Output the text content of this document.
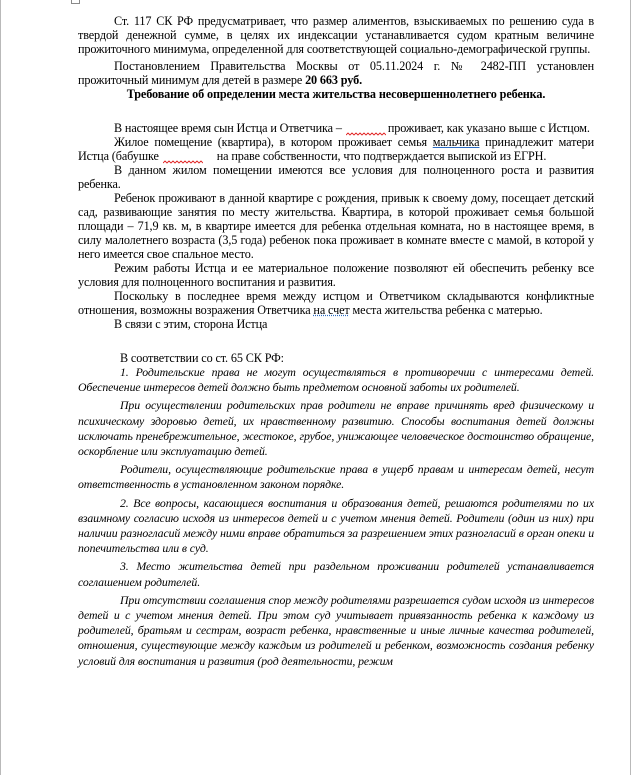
Ст. 117 СК РФ предусматривает, что размер алиментов, взыскиваемых по решению суда в твердой денежной сумме, в целях их индексации устанавливается судом кратным величине прожиточного минимума, определенной для соответствующей социально-демографической группы.

Постановлением Правительства Москвы от 05.11.2024 г. № 2482-ПП установлен прожиточный минимум для детей в размере 20 663 руб.

Требование об определении места жительства несовершеннолетнего ребенка.

В настоящее время сын Истца и Ответчика –	проживает, как указано выше с Истцом.

Жилое помещение (квартира), в котором проживает семья мальчика принадлежит матери Истца (бабушке	на праве собственности, что подтверждается выпиской из ЕГРН.

В данном жилом помещении имеются все условия для полноценного роста и развития ребенка.

Ребенок проживают в данной квартире с рождения, привык к своему дому, посещает детский сад, развивающие занятия по месту жительства. Квартира, в которой проживает семья большой площади – 71,9 кв. м, в квартире имеется для ребенка отдельная комната, но в настоящее время, в силу малолетнего возраста (3,5 года) ребенок пока проживает в комнате вместе с мамой, в которой у него имеется свое спальное место.

Режим работы Истца и ее материальное положение позволяют ей обеспечить ребенку все условия для полноценного воспитания и развития.

Поскольку в последнее время между истцом и Ответчиком складываются конфликтные отношения, возможны возражения Ответчика на счет места жительства ребенка с матерью.

В связи с этим, сторона Истца

В соответствии со ст. 65 СК РФ:

1. Родительские права не могут осуществляться в противоречии с интересами детей. Обеспечение интересов детей должно быть предметом основной заботы их родителей.

При осуществлении родительских прав родители не вправе причинять вред физическому и психическому здоровью детей, их нравственному развитию. Способы воспитания детей должны исключать пренебрежительное, жестокое, грубое, унижающее человеческое достоинство обращение, оскорбление или эксплуатацию детей.

Родители, осуществляющие родительские права в ущерб правам и интересам детей, несут ответственность в установленном законом порядке.

2. Все вопросы, касающиеся воспитания и образования детей, решаются родителями по их взаимному согласию исходя из интересов детей и с учетом мнения детей. Родители (один из них) при наличии разногласий между ними вправе обратиться за разрешением этих разногласий в орган опеки и попечительства или в суд.

3. Место жительства детей при раздельном проживании родителей устанавливается соглашением родителей.

При отсутствии соглашения спор между родителями разрешается судом исходя из интересов детей и с учетом мнения детей. При этом суд учитывает привязанность ребенка к каждому из родителей, братьям и сестрам, возраст ребенка, нравственные и иные личные качества родителей, отношения, существующие между каждым из родителей и ребенком, возможность создания ребенку условий для воспитания и развития (род деятельности, режим
